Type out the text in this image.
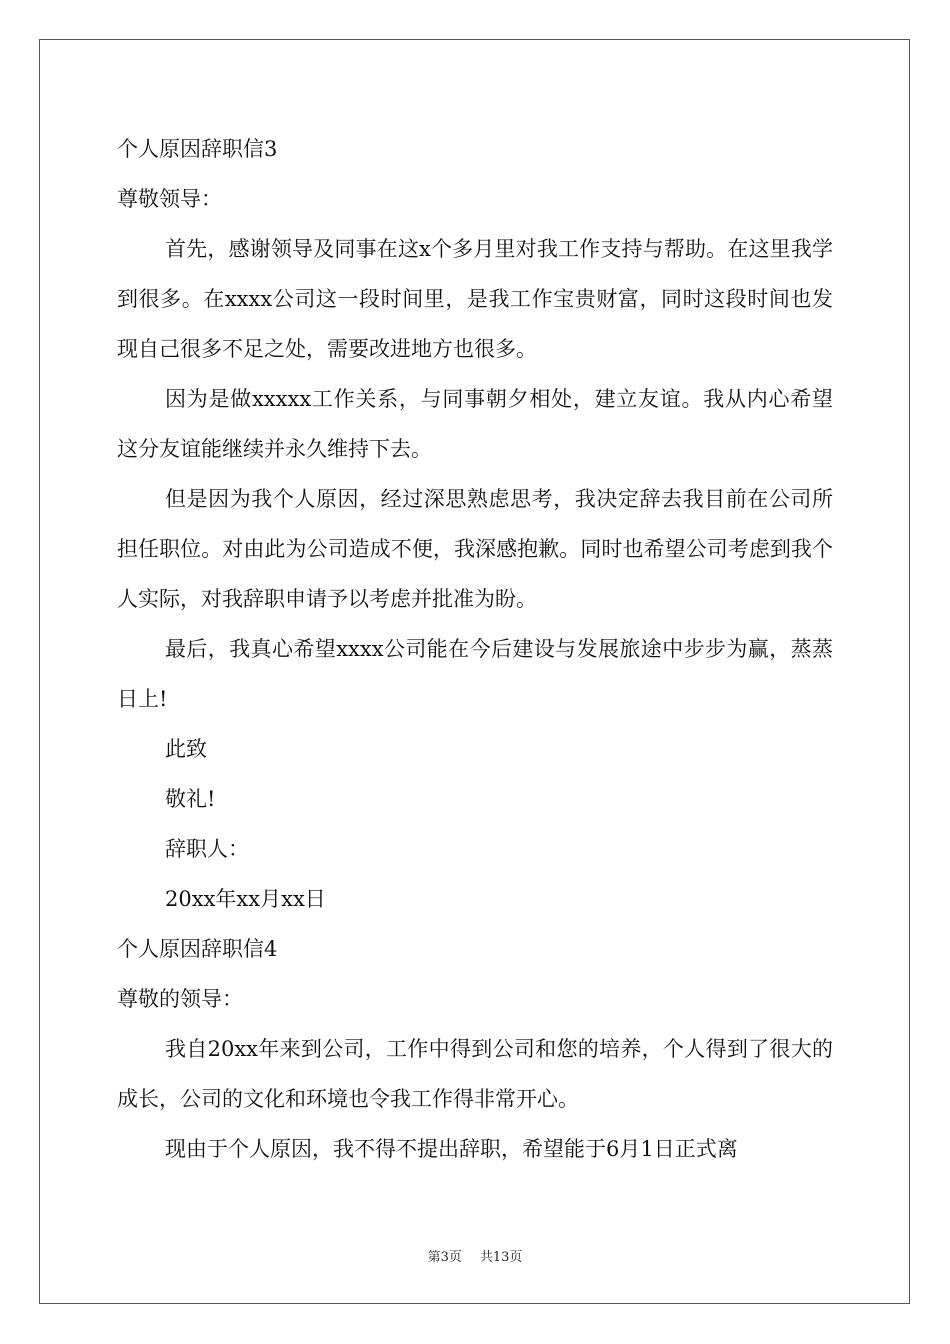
个人原因辞职信3
尊敬领导：

首先，感谢领导及同事在这x个多月里对我工作支持与帮助。在这里我学到很多。在xxxx公司这一段时间里，是我工作宝贵财富，同时这段时间也发现自己很多不足之处，需要改进地方也很多。

因为是做xxxxx工作关系，与同事朝夕相处，建立友谊。我从内心希望这分友谊能继续并永久维持下去。

但是因为我个人原因，经过深思熟虑思考，我决定辞去我目前在公司所担任职位。对由此为公司造成不便，我深感抱歉。同时也希望公司考虑到我个人实际，对我辞职申请予以考虑并批准为盼。

最后，我真心希望xxxx公司能在今后建设与发展旅途中步步为赢，蒸蒸日上!

此致
敬礼!
辞职人：
20xx年xx月xx日
个人原因辞职信4
尊敬的领导：

我自20xx年来到公司，工作中得到公司和您的培养，个人得到了很大的成长，公司的文化和环境也令我工作得非常开心。

现由于个人原因，我不得不提出辞职，希望能于6月1日正式离

第3页 共13页
